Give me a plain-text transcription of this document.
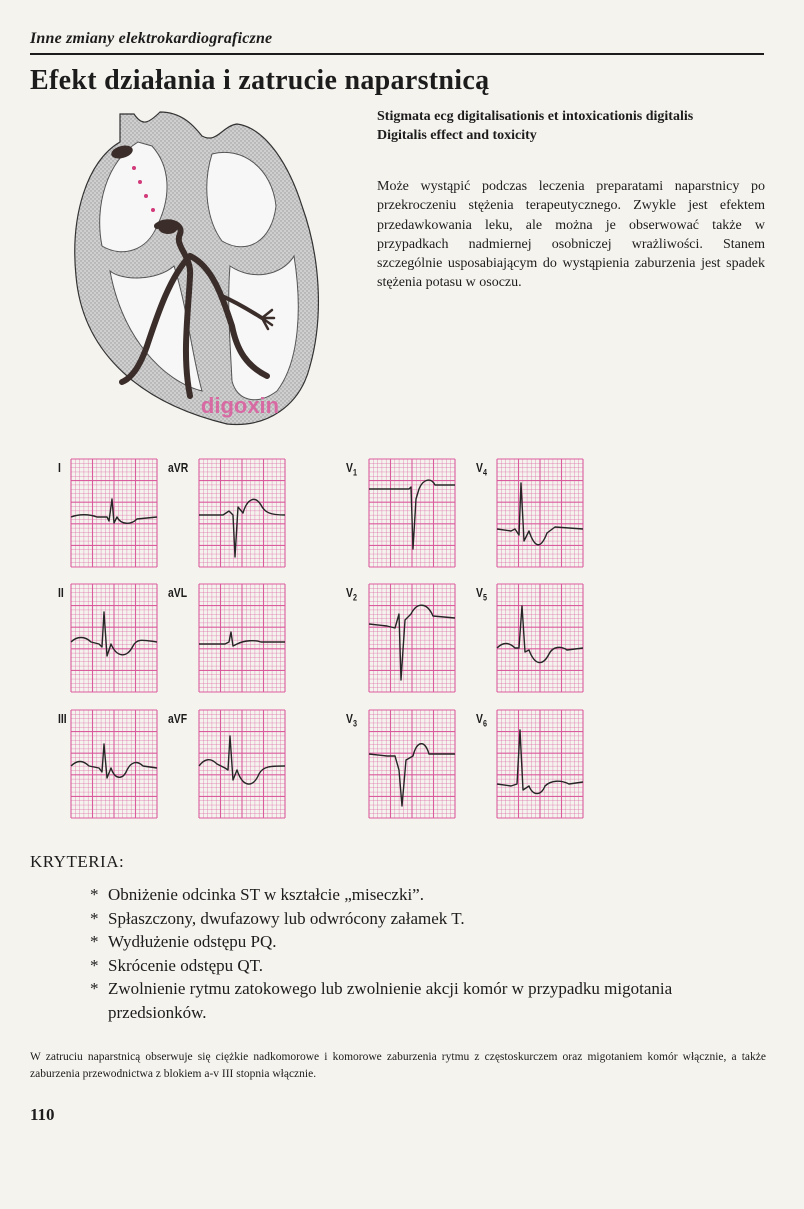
Inne zmiany elektrokardiograficzne
Efekt działania i zatrucie naparstnicą
digoxin
Stigmata ecg digitalisationis et intoxicationis digitalis
Digitalis effect and toxicity
Może wystąpić podczas leczenia preparatami naparstnicy po przekroczeniu stężenia terapeutycznego. Zwykle jest efektem przedawkowania leku, ale można je obserwować także w przypadkach nadmiernej osobniczej wrażliwości. Stanem szczególnie usposabiającym do wystąpienia zaburzenia jest spadek stężenia potasu w osoczu.
I
II
III
aVR
aVL
aVF
$V_1$
$V_2$
$V_3$
$V_4$
$V_5$
$V_6$
KRYTERIA:
* Obniżenie odcinka ST w kształcie „miseczki”.
* Spłaszczony, dwufazowy lub odwrócony załamek T.
* Wydłużenie odstępu PQ.
* Skrócenie odstępu QT.
* Zwolnienie rytmu zatokowego lub zwolnienie akcji komór w przypadku migotania przedsionków.
W zatruciu naparstnicą obserwuje się ciężkie nadkomorowe i komorowe zaburzenia rytmu z częstoskurczem oraz migotaniem komór włącznie, a także zaburzenia przewodnictwa z blokiem a-v III stopnia włącznie.
110
